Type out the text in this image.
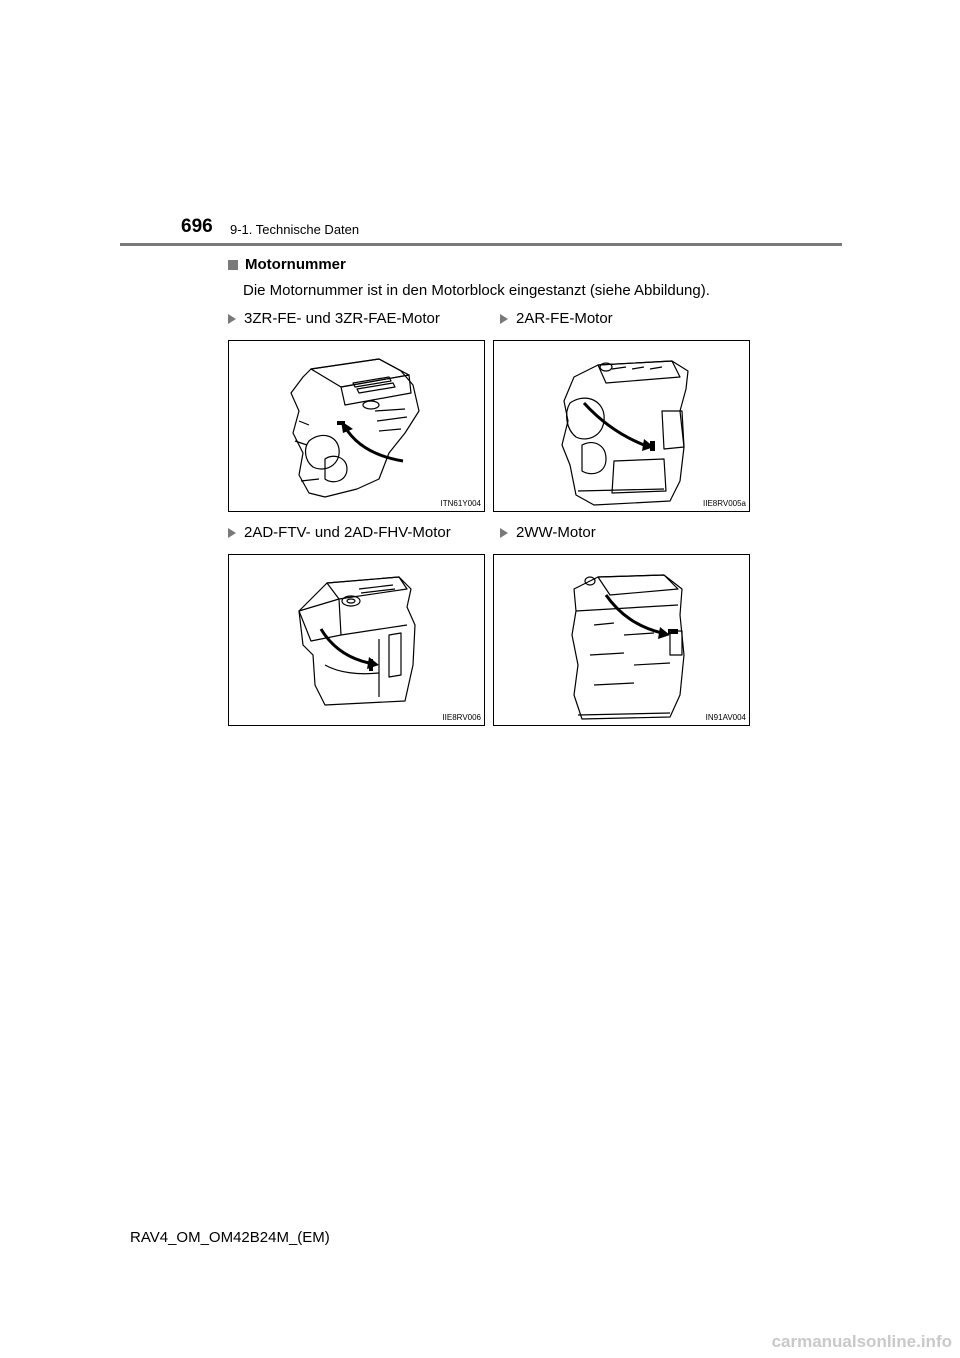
696 9-1. Technische Daten
Motornummer
Die Motornummer ist in den Motorblock eingestanzt (siehe Abbildung).
3ZR-FE- und 3ZR-FAE-Motor	2AR-FE-Motor
ITN61Y004	IIE8RV005a
2AD-FTV- und 2AD-FHV-Motor	2WW-Motor
IIE8RV006	IN91AV004
RAV4_OM_OM42B24M_(EM)
carmanualsonline.info
